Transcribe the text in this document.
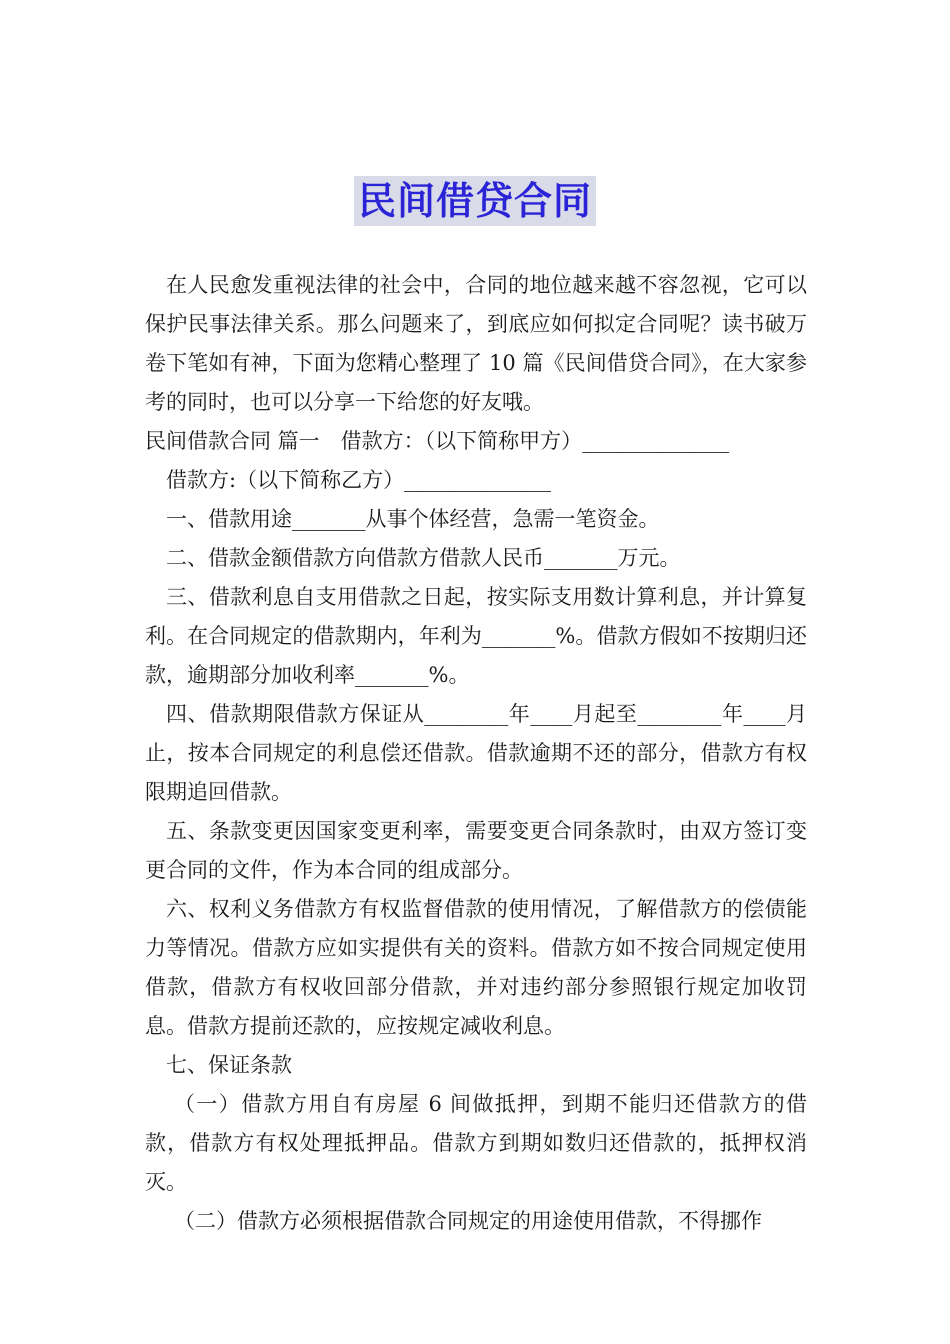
民间借贷合同

在人民愈发重视法律的社会中，合同的地位越来越不容忽视，它可以保护民事法律关系。那么问题来了，到底应如何拟定合同呢？读书破万卷下笔如有神，下面为您精心整理了 10 篇《民间借贷合同》，在大家参考的同时，也可以分享一下给您的好友哦。

民间借款合同 篇一　借款方：（以下简称甲方）______________

借款方:（以下简称乙方）______________

一、借款用途_______从事个体经营，急需一笔资金。

二、借款金额借款方向借款方借款人民币_______万元。

三、借款利息自支用借款之日起，按实际支用数计算利息，并计算复利。在合同规定的借款期内，年利为_______%。借款方假如不按期归还款，逾期部分加收利率_______%。

四、借款期限借款方保证从________年____月起至________年____月止，按本合同规定的利息偿还借款。借款逾期不还的部分，借款方有权限期追回借款。

五、条款变更因国家变更利率，需要变更合同条款时，由双方签订变更合同的文件，作为本合同的组成部分。

六、权利义务借款方有权监督借款的使用情况，了解借款方的偿债能力等情况。借款方应如实提供有关的资料。借款方如不按合同规定使用借款，借款方有权收回部分借款，并对违约部分参照银行规定加收罚息。借款方提前还款的，应按规定减收利息。

七、保证条款

（一）借款方用自有房屋 6 间做抵押，到期不能归还借款方的借款，借款方有权处理抵押品。借款方到期如数归还借款的，抵押权消灭。

（二）借款方必须根据借款合同规定的用途使用借款，不得挪作
